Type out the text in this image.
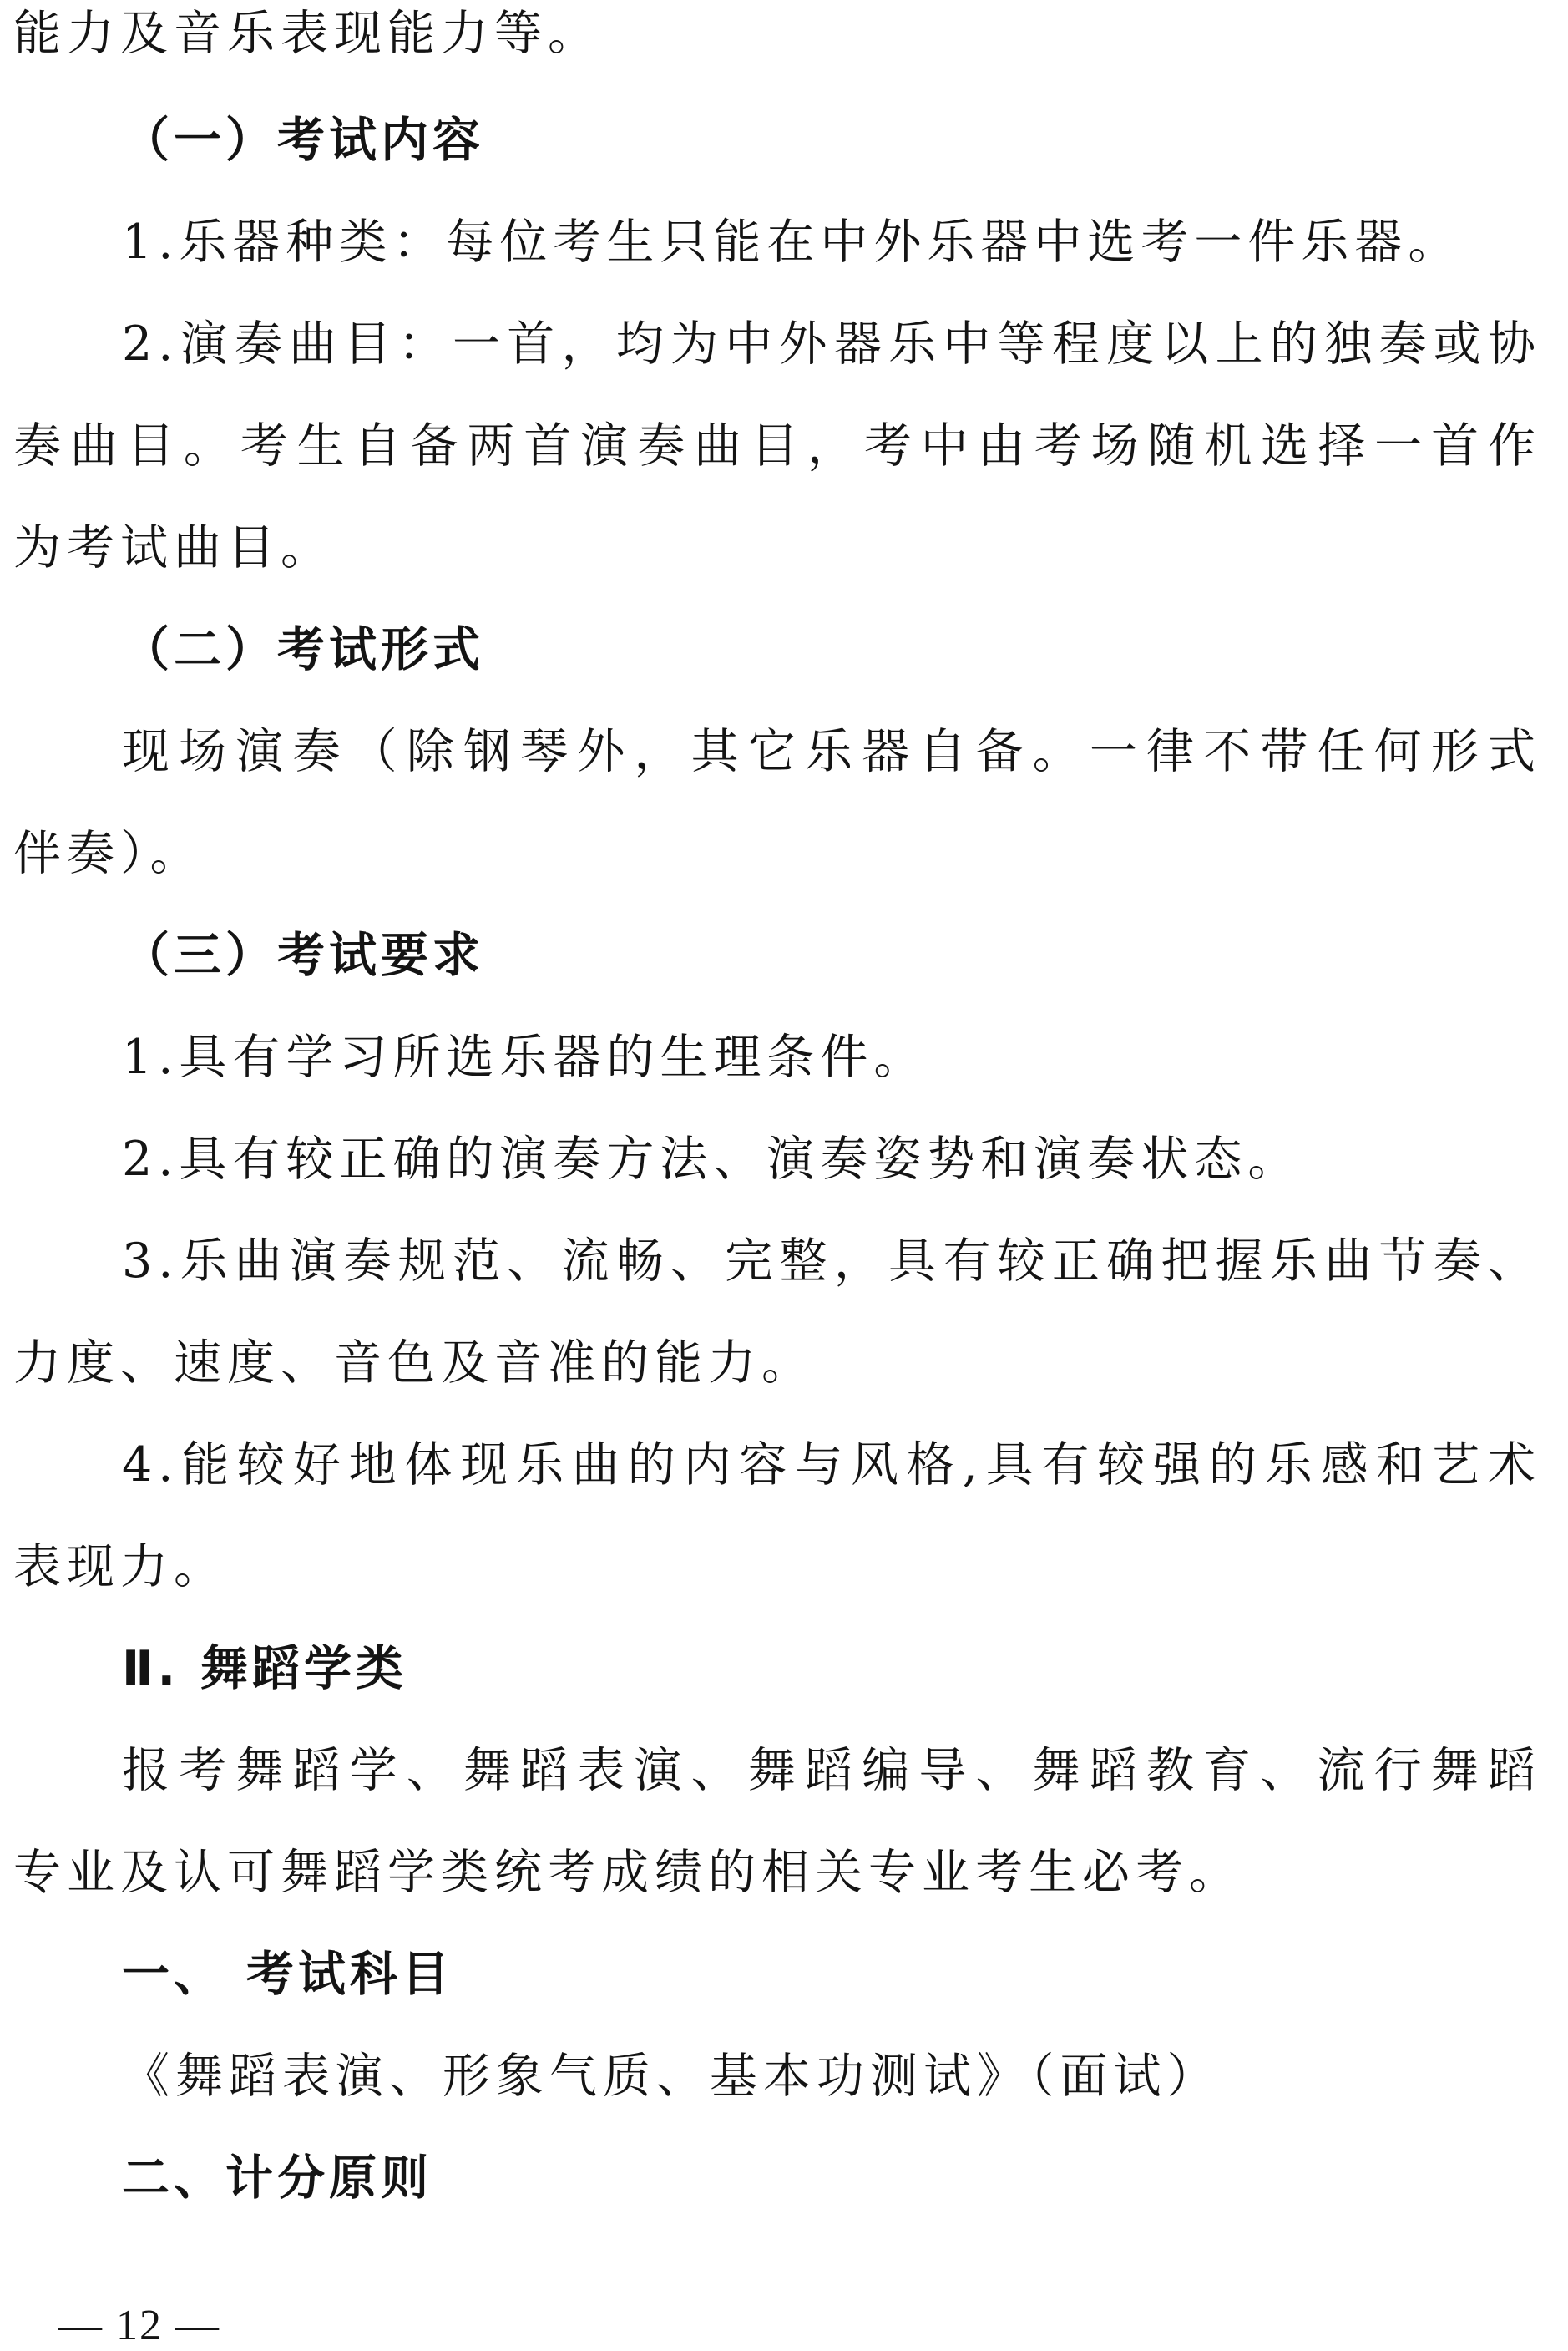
能力及音乐表现能力等。

（一）考试内容

1.乐器种类：每位考生只能在中外乐器中选考一件乐器。

2.演奏曲目：一首，均为中外器乐中等程度以上的独奏或协

奏曲目。考生自备两首演奏曲目，考中由考场随机选择一首作

为考试曲目。

（二）考试形式

现场演奏（除钢琴外，其它乐器自备。一律不带任何形式

伴奏）。

（三）考试要求

1.具有学习所选乐器的生理条件。

2.具有较正确的演奏方法、演奏姿势和演奏状态。

3.乐曲演奏规范、流畅、完整，具有较正确把握乐曲节奏、

力度、速度、音色及音准的能力。

4.能较好地体现乐曲的内容与风格,具有较强的乐感和艺术

表现力。

Ⅱ. 舞蹈学类

报考舞蹈学、舞蹈表演、舞蹈编导、舞蹈教育、流行舞蹈

专业及认可舞蹈学类统考成绩的相关专业考生必考。

一、 考试科目

《舞蹈表演、形象气质、基本功测试》（面试）

二、计分原则

— 12 —
